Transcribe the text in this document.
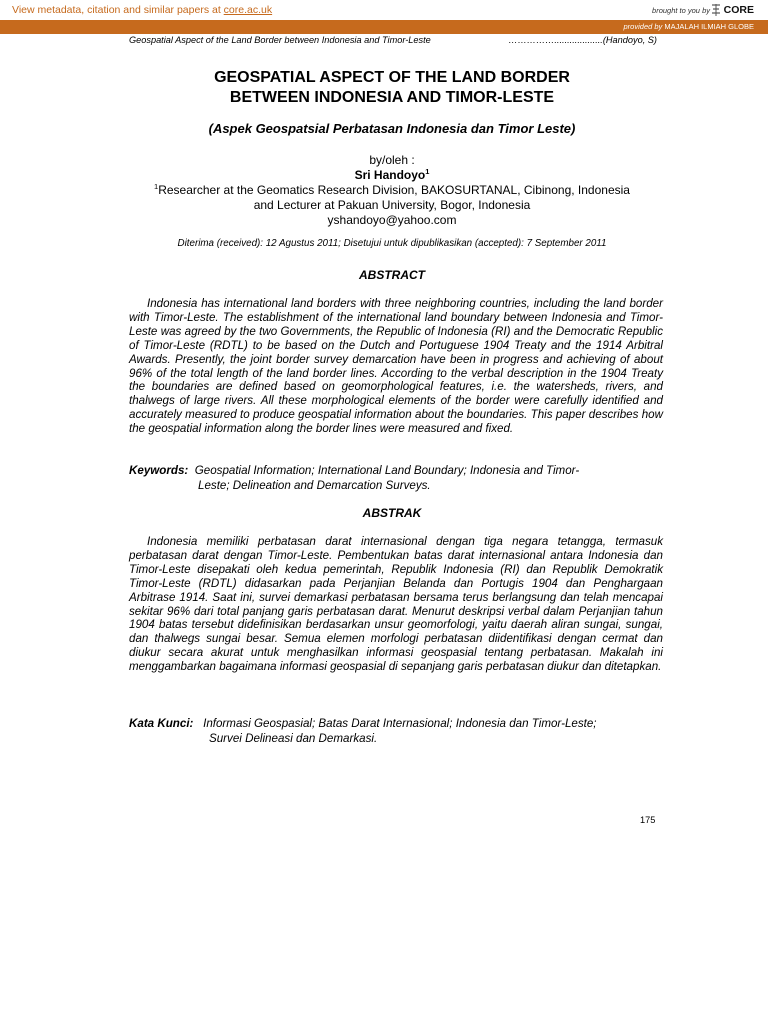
View metadata, citation and similar papers at core.ac.uk	brought to you by CORE
provided by MAJALAH ILMIAH GLOBE
Geospatial Aspect of the Land Border between Indonesia and Timor-Leste	……………...................(Handoyo, S)
GEOSPATIAL ASPECT OF THE LAND BORDER
BETWEEN INDONESIA AND TIMOR-LESTE
(Aspek Geospatsial Perbatasan Indonesia dan Timor Leste)
by/oleh :
Sri Handoyo$^1$
$^1$Researcher at the Geomatics Research Division, BAKOSURTANAL, Cibinong, Indonesia
and Lecturer at Pakuan University, Bogor, Indonesia
yshandoyo@yahoo.com
Diterima (received): 12 Agustus 2011; Disetujui untuk dipublikasikan (accepted): 7 September 2011
ABSTRACT
Indonesia has international land borders with three neighboring countries, including the land border with Timor-Leste. The establishment of the international land boundary between Indonesia and Timor-Leste was agreed by the two Governments, the Republic of Indonesia (RI) and the Democratic Republic of Timor-Leste (RDTL) to be based on the Dutch and Portuguese 1904 Treaty and the 1914 Arbitral Awards. Presently, the joint border survey demarcation have been in progress and achieving of about 96% of the total length of the land border lines. According to the verbal description in the 1904 Treaty the boundaries are defined based on geomorphological features, i.e. the watersheds, rivers, and thalwegs of large rivers. All these morphological elements of the border were carefully identified and accurately measured to produce geospatial information about the boundaries. This paper describes how the geospatial information along the border lines were measured and fixed.
Keywords: Geospatial Information; International Land Boundary; Indonesia and Timor-
Leste; Delineation and Demarcation Surveys.
ABSTRAK
Indonesia memiliki perbatasan darat internasional dengan tiga negara tetangga, termasuk perbatasan darat dengan Timor-Leste. Pembentukan batas darat internasional antara Indonesia dan Timor-Leste disepakati oleh kedua pemerintah, Republik Indonesia (RI) dan Republik Demokratik Timor-Leste (RDTL) didasarkan pada Perjanjian Belanda dan Portugis 1904 dan Penghargaan Arbitrase 1914. Saat ini, survei demarkasi perbatasan bersama terus berlangsung dan telah mencapai sekitar 96% dari total panjang garis perbatasan darat. Menurut deskripsi verbal dalam Perjanjian tahun 1904 batas tersebut didefinisikan berdasarkan unsur geomorfologi, yaitu daerah aliran sungai, sungai, dan thalwegs sungai besar. Semua elemen morfologi perbatasan diidentifikasi dengan cermat dan diukur secara akurat untuk menghasilkan informasi geospasial tentang perbatasan. Makalah ini menggambarkan bagaimana informasi geospasial di sepanjang garis perbatasan diukur dan ditetapkan.
Kata Kunci: Informasi Geospasial; Batas Darat Internasional; Indonesia dan Timor-Leste;
Survei Delineasi dan Demarkasi.
175
